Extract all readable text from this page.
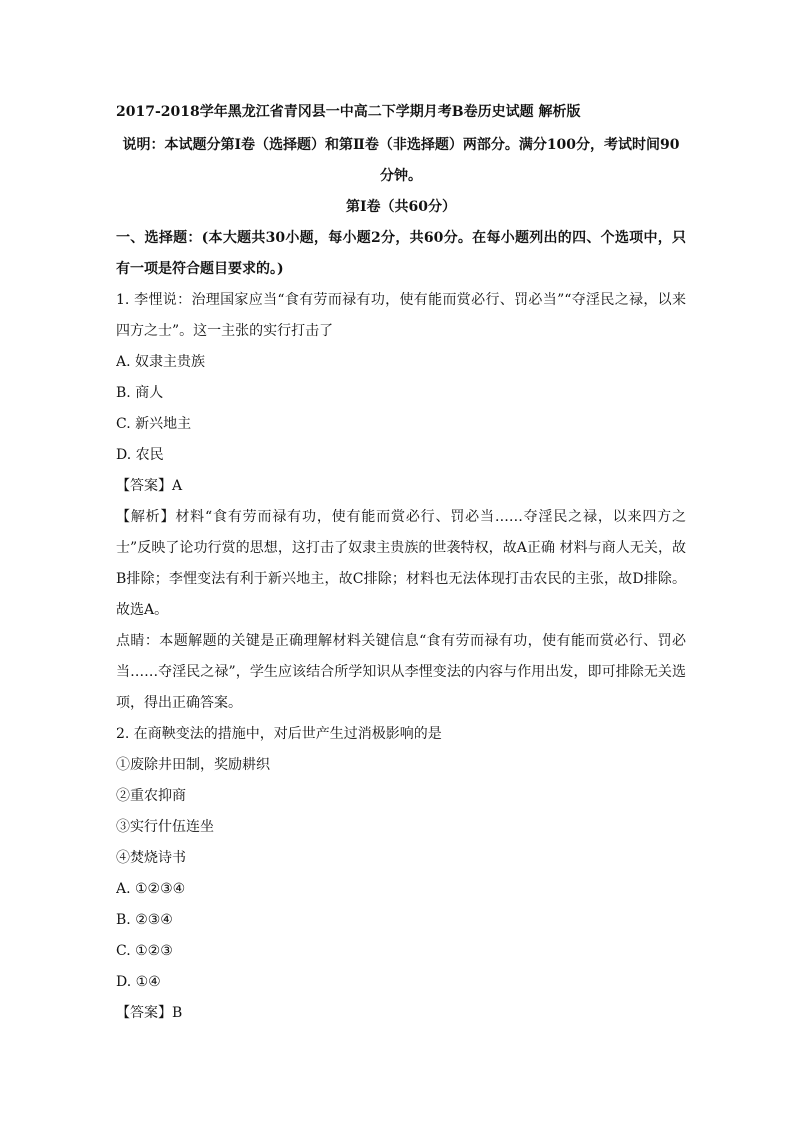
2017-2018学年黑龙江省青冈县一中高二下学期月考B卷历史试题 解析版
说明：本试题分第Ⅰ卷（选择题）和第Ⅱ卷（非选择题）两部分。满分100分，考试时间90分钟。
第Ⅰ卷（共60分）
一、选择题：(本大题共30小题，每小题2分，共60分。在每小题列出的四、个选项中，只有一项是符合题目要求的。)
1. 李悝说：治理国家应当“食有劳而禄有功，使有能而赏必行、罚必当”“夺淫民之禄，以来四方之士”。这一主张的实行打击了
A. 奴隶主贵族
B. 商人
C. 新兴地主
D. 农民
【答案】A
【解析】材料“食有劳而禄有功，使有能而赏必行、罚必当……夺淫民之禄，以来四方之士”反映了论功行赏的思想，这打击了奴隶主贵族的世袭特权，故A正确 材料与商人无关，故B排除；李悝变法有利于新兴地主，故C排除；材料也无法体现打击农民的主张，故D排除。故选A。
点睛：本题解题的关键是正确理解材料关键信息“食有劳而禄有功，使有能而赏必行、罚必当……夺淫民之禄”，学生应该结合所学知识从李悝变法的内容与作用出发，即可排除无关选项，得出正确答案。
2. 在商鞅变法的措施中，对后世产生过消极影响的是
①废除井田制，奖励耕织
②重农抑商
③实行什伍连坐
④焚烧诗书
A. ①②③④
B. ②③④
C. ①②③
D. ①④
【答案】B
